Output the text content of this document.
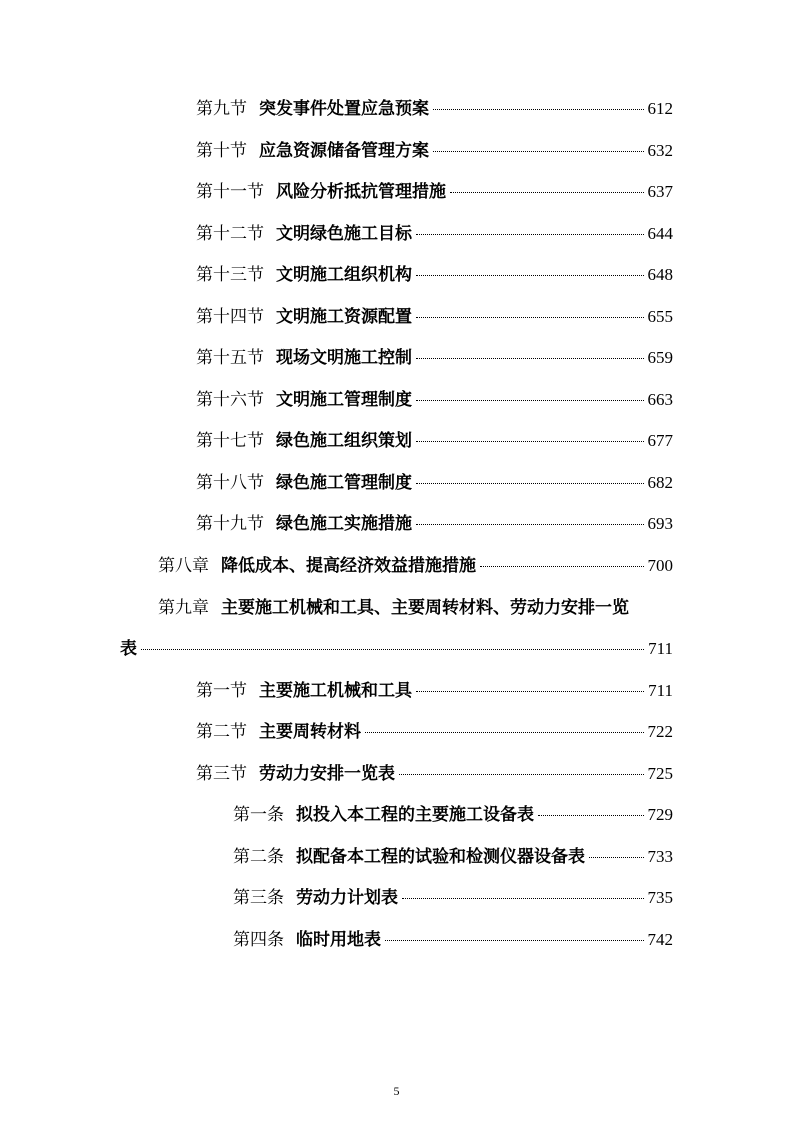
第九节 突发事件处置应急预案	612
第十节 应急资源储备管理方案	632
第十一节 风险分析抵抗管理措施	637
第十二节 文明绿色施工目标	644
第十三节 文明施工组织机构	648
第十四节 文明施工资源配置	655
第十五节 现场文明施工控制	659
第十六节 文明施工管理制度	663
第十七节 绿色施工组织策划	677
第十八节 绿色施工管理制度	682
第十九节 绿色施工实施措施	693
第八章 降低成本、提高经济效益措施措施	700
第九章 主要施工机械和工具、主要周转材料、劳动力安排一览
表	711
第一节 主要施工机械和工具	711
第二节 主要周转材料	722
第三节 劳动力安排一览表	725
第一条 拟投入本工程的主要施工设备表	729
第二条 拟配备本工程的试验和检测仪器设备表	733
第三条 劳动力计划表	735
第四条 临时用地表	742
5
